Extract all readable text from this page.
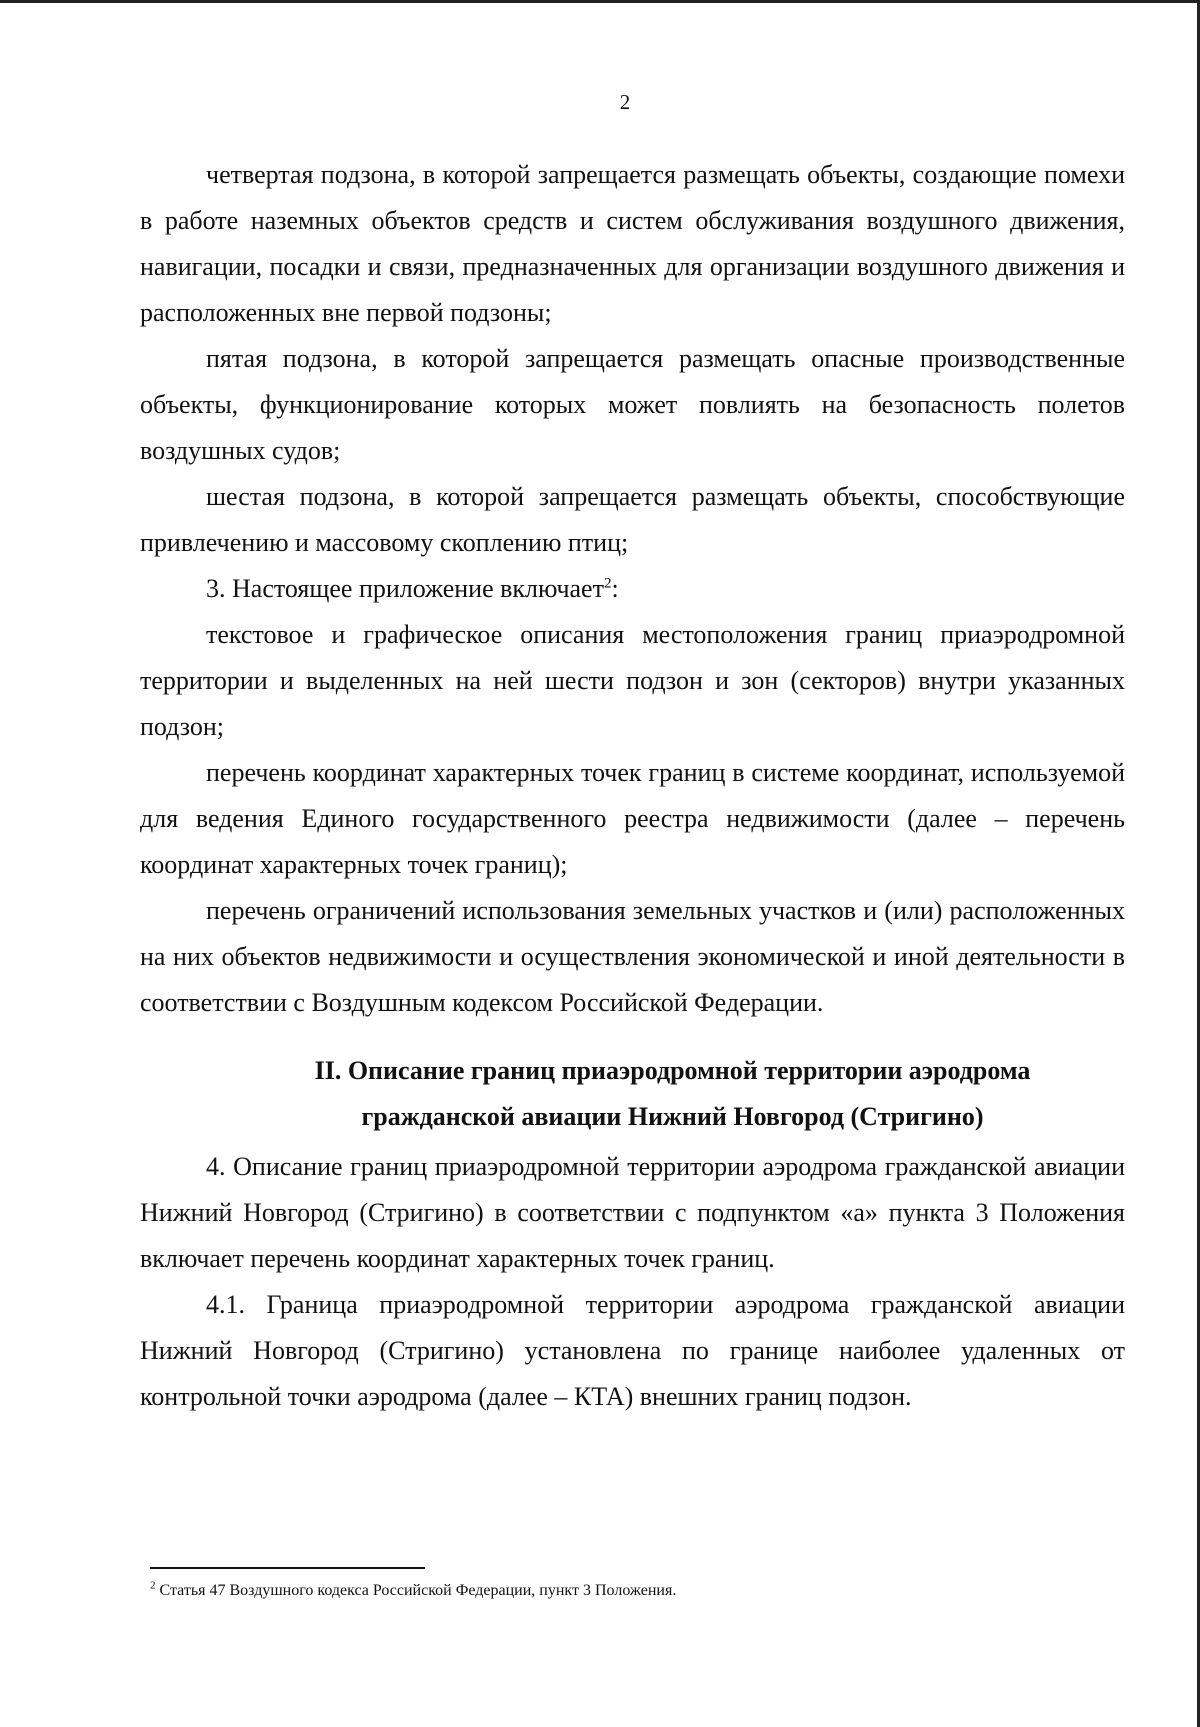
2

четвертая подзона, в которой запрещается размещать объекты, создающие помехи в работе наземных объектов средств и систем обслуживания воздушного движения, навигации, посадки и связи, предназначенных для организации воздушного движения и расположенных вне первой подзоны;

пятая подзона, в которой запрещается размещать опасные производственные объекты, функционирование которых может повлиять на безопасность полетов воздушных судов;

шестая подзона, в которой запрещается размещать объекты, способствующие привлечению и массовому скоплению птиц;

3. Настоящее приложение включает$^2$:

текстовое и графическое описания местоположения границ приаэродромной территории и выделенных на ней шести подзон и зон (секторов) внутри указанных подзон;

перечень координат характерных точек границ в системе координат, используемой для ведения Единого государственного реестра недвижимости (далее – перечень координат характерных точек границ);

перечень ограничений использования земельных участков и (или) расположенных на них объектов недвижимости и осуществления экономической и иной деятельности в соответствии с Воздушным кодексом Российской Федерации.

II. Описание границ приаэродромной территории аэродрома
гражданской авиации Нижний Новгород (Стригино)

4. Описание границ приаэродромной территории аэродрома гражданской авиации Нижний Новгород (Стригино) в соответствии с подпунктом «а» пункта 3 Положения включает перечень координат характерных точек границ.

4.1. Граница приаэродромной территории аэродрома гражданской авиации Нижний Новгород (Стригино) установлена по границе наиболее удаленных от контрольной точки аэродрома (далее – КТА) внешних границ подзон.

$^2$ Статья 47 Воздушного кодекса Российской Федерации, пункт 3 Положения.
